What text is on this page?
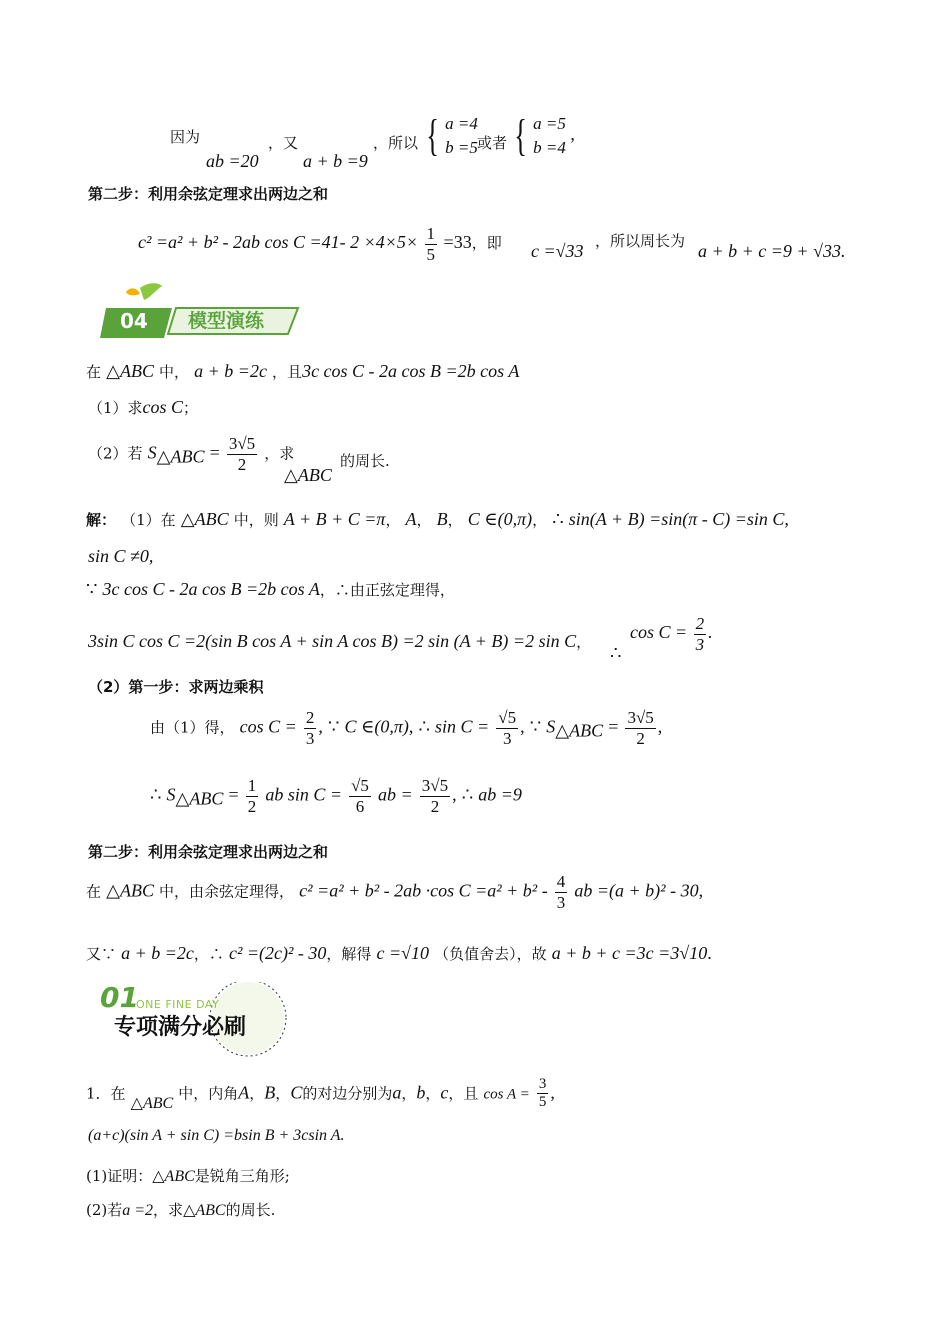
因为
ab =20
，又
a + b =9
，所以 { a =4
b =5 或者 { a =5
b =4
,
第二步：利用余弦定理求出两边之和
c² =a² + b² - 2ab cos C =41- $2 \times 4\times 5\times \frac{1}{5} =33$，即 c =√33 ，所以周长为 a + b + c =9 + √33.
04 模型演练
在 △ABC 中， a + b =2c ，且3c cos C - 2a cos B =2b cos A
（1）求cos C；
（2）若 $S_{\triangle ABC} = \frac{3√5}{2}$ ，求
△ABC
的周长.
解： （1）在 △ABC 中，则 A + B + C =π， A， B， C ∈(0,π)， ∴ sin(A + B) =sin(π - C) =sin C,
sin C ≠0,
∵ 3c cos C - 2a cos B =2b cos A，∴由正弦定理得，
3sin C cos C =2(sin B cos A + sin A cos B) =2 sin (A + B) =2 sin C，
∴
$\cos C = \frac{2}{3}$ .
（2）第一步：求两边乘积
由（1）得， $\cos C = \frac{2}{3}$ , ∵ C ∈(0,π), ∴ $\sin C = \frac{√5}{3}$ , ∵ $S_{\triangle ABC} = \frac{3√5}{2}$ ,
∴ $S_{\triangle ABC} = \frac{1}{2}$ ab $\sin C = \frac{√5}{6}$ ab = $\frac{3√5}{2}$ , ∴ ab =9
第二步：利用余弦定理求出两边之和
在 △ABC 中，由余弦定理得， c² =a² + b² - 2ab ·cos $C =a^2 + b^2 - \frac{4}{3}$ ab =(a + b)² - 30,
又∵ a + b =2c，∴ c² =(2c)² - 30，解得 c =√10 （负值舍去），故 a + b + c =3c =3√10.
01
ONE FINE DAY
专项满分必刷
1．在 △ABC 中，内角A，B，C的对边分别为a，b，c，且 $\cos A = \frac{3}{5}$ ,
(a+c)(sin A + sin C) =bsin B + 3csin A.
(1)证明：△ABC是锐角三角形;
(2)若a =2，求△ABC的周长.
